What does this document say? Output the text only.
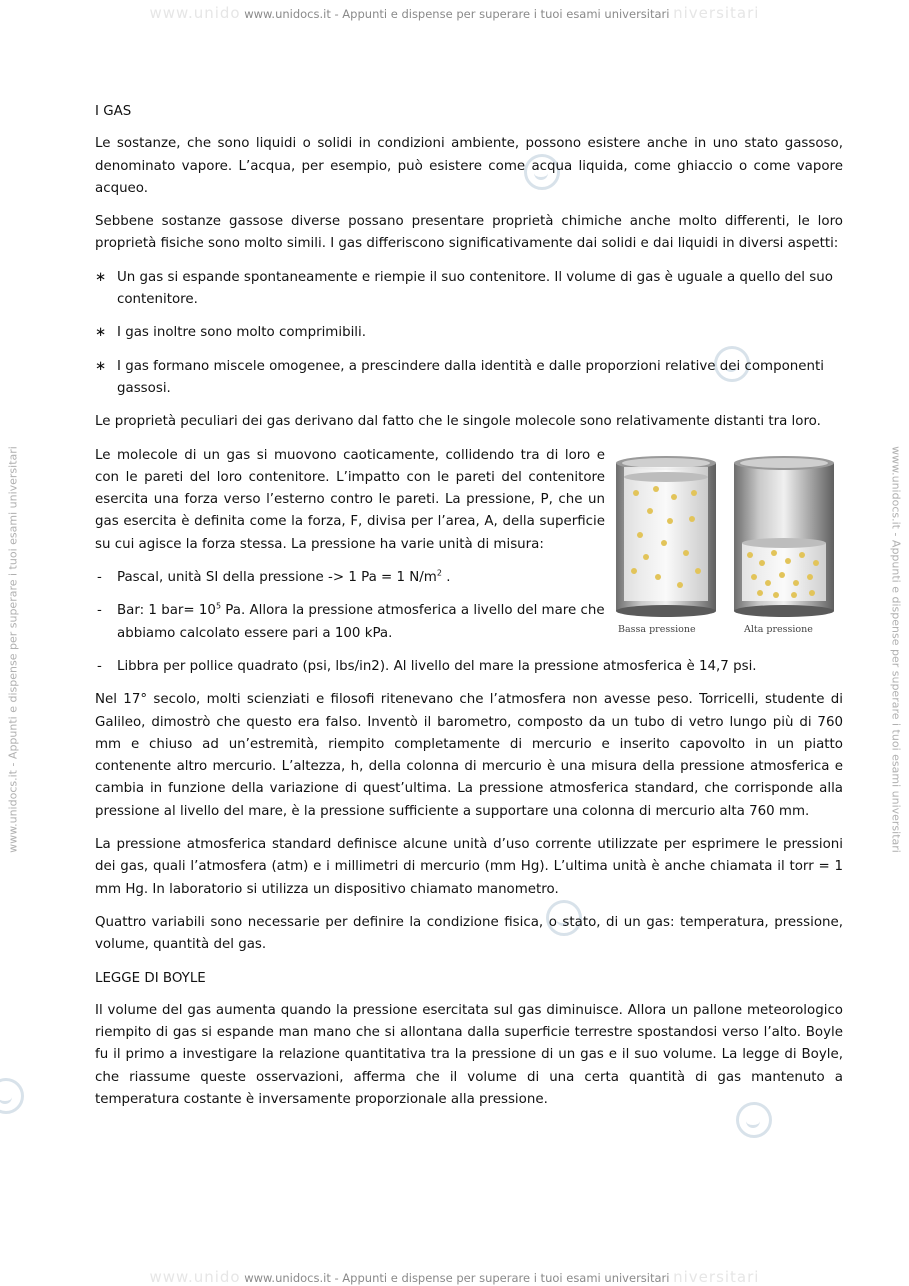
www.unido www.unidocs.it - Appunti e dispense per superare i tuoi esami universitari niversitari
www.unidocs.it - Appunti e dispense per superare i tuoi esami universitari	www.unidocs.it - Appunti e dispense per superare i tuoi esami universitari
I GAS

Le sostanze, che sono liquidi o solidi in condizioni ambiente, possono esistere anche in uno stato gassoso, denominato vapore. L’acqua, per esempio, può esistere come acqua liquida, come ghiaccio o come vapore acqueo.

Sebbene sostanze gassose diverse possano presentare proprietà chimiche anche molto differenti, le loro proprietà fisiche sono molto simili. I gas differiscono significativamente dai solidi e dai liquidi in diversi aspetti:

∗ Un gas si espande spontaneamente e riempie il suo contenitore. Il volume di gas è uguale a quello del suo contenitore.
∗ I gas inoltre sono molto comprimibili.
∗ I gas formano miscele omogenee, a prescindere dalla identità e dalle proporzioni relative dei componenti gassosi.

Le proprietà peculiari dei gas derivano dal fatto che le singole molecole sono relativamente distanti tra loro.

Le molecole di un gas si muovono caoticamente, collidendo tra di loro e con le pareti del loro contenitore. L’impatto con le pareti del contenitore esercita una forza verso l’esterno contro le pareti. La pressione, P, che un gas esercita è definita come la forza, F, divisa per l’area, A, della superficie su cui agisce la forza stessa. La pressione ha varie unità di misura:

- Pascal, unità SI della pressione -> 1 Pa = 1 $N/m^2$ .
- Bar: 1 $bar= 10^5$ Pa. Allora la pressione atmosferica a livello del mare che abbiamo calcolato essere pari a 100 kPa.	Bassa pressione	Alta pressione
- Libbra per pollice quadrato (psi, lbs/in2). Al livello del mare la pressione atmosferica è 14,7 psi.

Nel 17° secolo, molti scienziati e filosofi ritenevano che l’atmosfera non avesse peso. Torricelli, studente di Galileo, dimostrò che questo era falso. Inventò il barometro, composto da un tubo di vetro lungo più di 760 mm e chiuso ad un’estremità, riempito completamente di mercurio e inserito capovolto in un piatto contenente altro mercurio. L’altezza, h, della colonna di mercurio è una misura della pressione atmosferica e cambia in funzione della variazione di quest’ultima. La pressione atmosferica standard, che corrisponde alla pressione al livello del mare, è la pressione sufficiente a supportare una colonna di mercurio alta 760 mm.

La pressione atmosferica standard definisce alcune unità d’uso corrente utilizzate per esprimere le pressioni dei gas, quali l’atmosfera (atm) e i millimetri di mercurio (mm Hg). L’ultima unità è anche chiamata il torr = 1 mm Hg. In laboratorio si utilizza un dispositivo chiamato manometro.

Quattro variabili sono necessarie per definire la condizione fisica, o stato, di un gas: temperatura, pressione, volume, quantità del gas.

LEGGE DI BOYLE

Il volume del gas aumenta quando la pressione esercitata sul gas diminuisce. Allora un pallone meteorologico riempito di gas si espande man mano che si allontana dalla superficie terrestre spostandosi verso l’alto. Boyle fu il primo a investigare la relazione quantitativa tra la pressione di un gas e il suo volume. La legge di Boyle, che riassume queste osservazioni, afferma che il volume di una certa quantità di gas mantenuto a temperatura costante è inversamente proporzionale alla pressione.

www.unido www.unidocs.it - Appunti e dispense per superare i tuoi esami universitari niversitari
